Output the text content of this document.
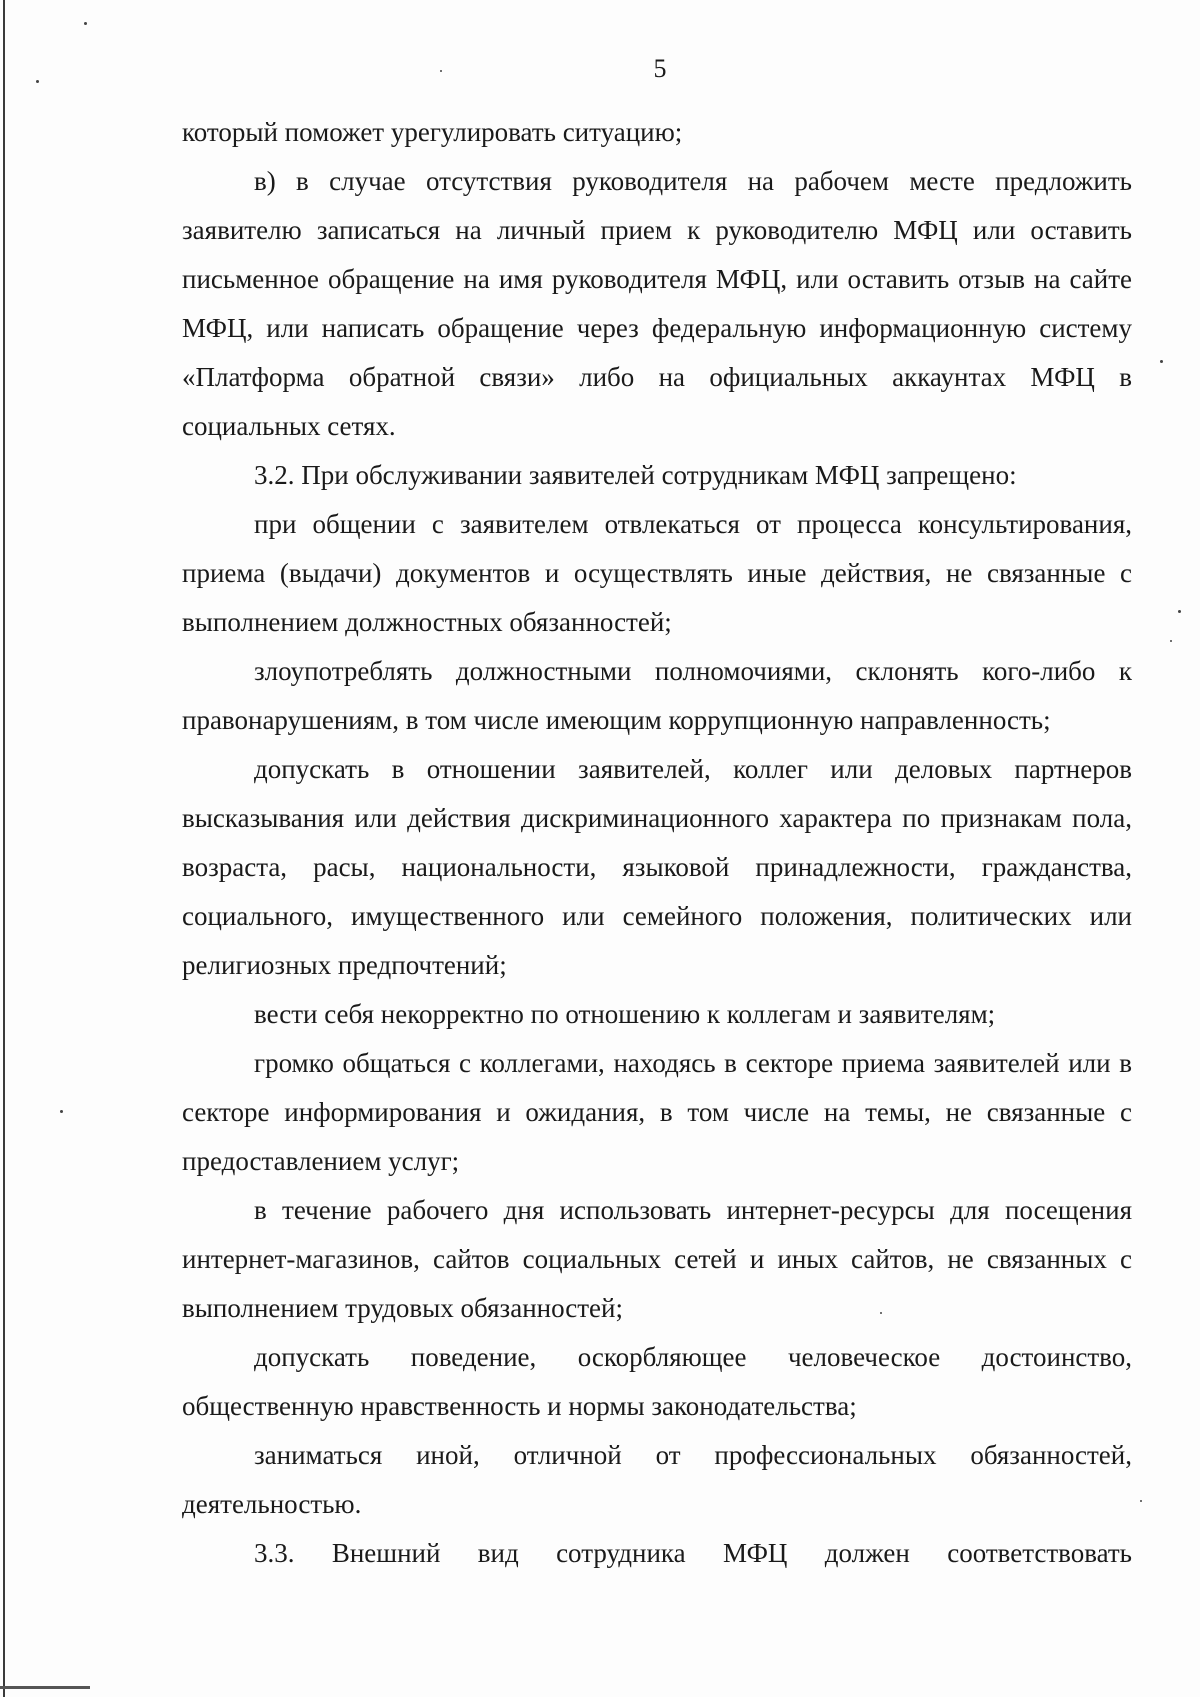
5

который поможет урегулировать ситуацию;

в) в случае отсутствия руководителя на рабочем месте предложить заявителю записаться на личный прием к руководителю МФЦ или оставить письменное обращение на имя руководителя МФЦ, или оставить отзыв на сайте МФЦ, или написать обращение через федеральную информационную систему «Платформа обратной связи» либо на официальных аккаунтах МФЦ в социальных сетях.

3.2. При обслуживании заявителей сотрудникам МФЦ запрещено:

при общении с заявителем отвлекаться от процесса консультирования, приема (выдачи) документов и осуществлять иные действия, не связанные с выполнением должностных обязанностей;

злоупотреблять должностными полномочиями, склонять кого-либо к правонарушениям, в том числе имеющим коррупционную направленность;

допускать в отношении заявителей, коллег или деловых партнеров высказывания или действия дискриминационного характера по признакам пола, возраста, расы, национальности, языковой принадлежности, гражданства, социального, имущественного или семейного положения, политических или религиозных предпочтений;

вести себя некорректно по отношению к коллегам и заявителям;

громко общаться с коллегами, находясь в секторе приема заявителей или в секторе информирования и ожидания, в том числе на темы, не связанные с предоставлением услуг;

в течение рабочего дня использовать интернет-ресурсы для посещения интернет-магазинов, сайтов социальных сетей и иных сайтов, не связанных с выполнением трудовых обязанностей;

допускать поведение, оскорбляющее человеческое достоинство, общественную нравственность и нормы законодательства;

заниматься иной, отличной от профессиональных обязанностей, деятельностью.

3.3. Внешний вид сотрудника МФЦ должен соответствовать
